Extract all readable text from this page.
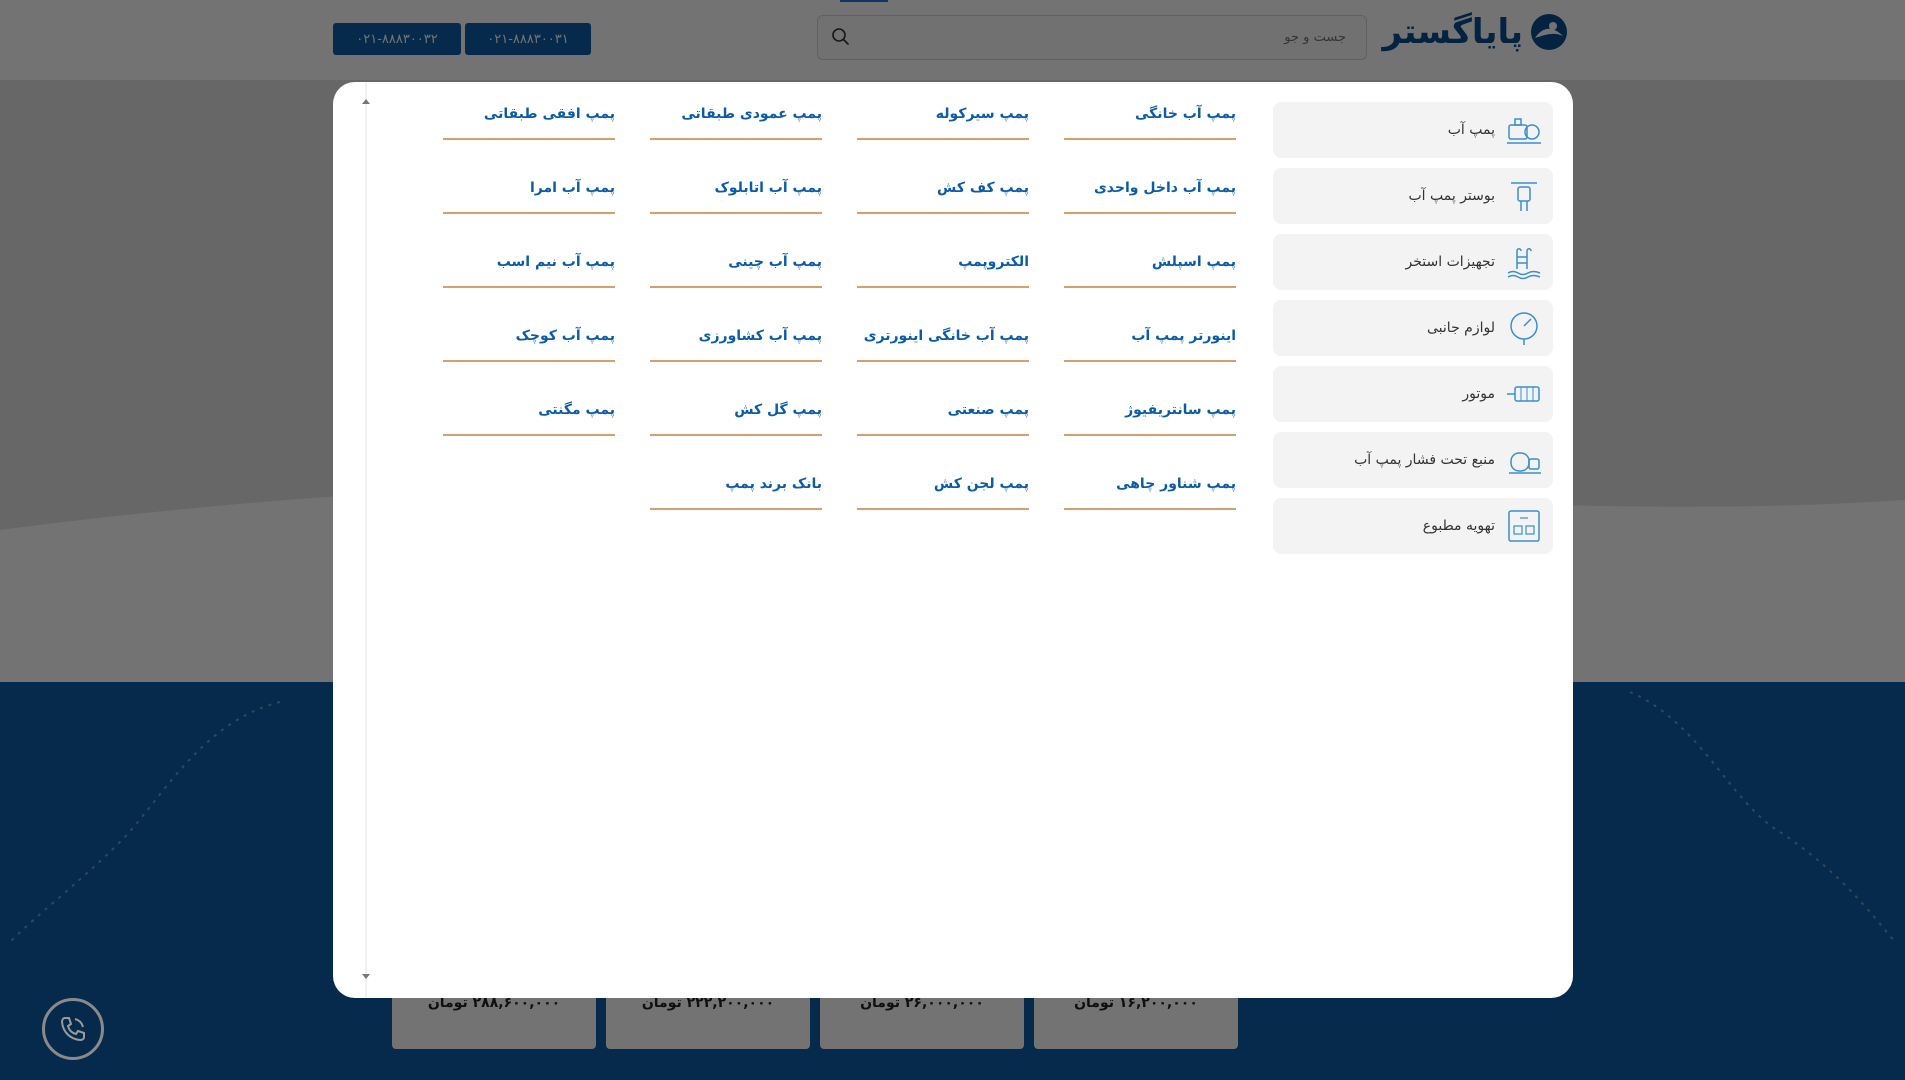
جست و جو
پمپ آب
بوستر پمپ آب
تجهیزات استخر
لوازم جانبی
موتور
منبع تحت فشار پمپ آب
تهویه مطبوع
پمپ آب خانگی
پمپ سیرکوله
پمپ عمودی طبقاتی
پمپ افقی طبقاتی
پمپ آب داخل واحدی
پمپ کف کش
پمپ آب اتابلوک
پمپ آب امرا
پمپ اسپلش
الکتروپمپ
پمپ آب چینی
پمپ آب نیم اسب
اینورتر پمپ آب
پمپ آب خانگی اینورتری
پمپ آب کشاورزی
پمپ آب کوچک
پمپ سانتریفیوژ
پمپ صنعتی
پمپ گل کش
پمپ مگنتی
پمپ شناور چاهی
پمپ لجن کش
بانک برند پمپ
